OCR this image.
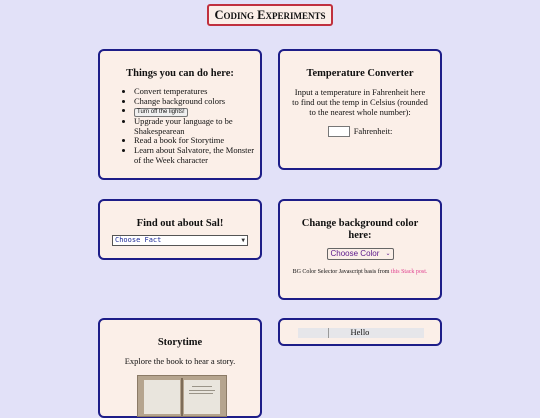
Coding Experiments
Things you can do here:
• Convert temperatures
• Change background colors
• Turn off the lights!
• Upgrade your language to be Shakespearean
• Read a book for Storytime
• Learn about Salvatore, the Monster of the Week character
Temperature Converter

Input a temperature in Fahrenheit here to find out the temp in Celsius (rounded to the nearest whole number):

Fahrenheit:
Find out about Sal!
Choose Fact	▼
Change background color here:
Choose Color ⌄
BG Color Selector Javascript basis from this Stack post.
Storytime

Explore the book to hear a story.

Hello
